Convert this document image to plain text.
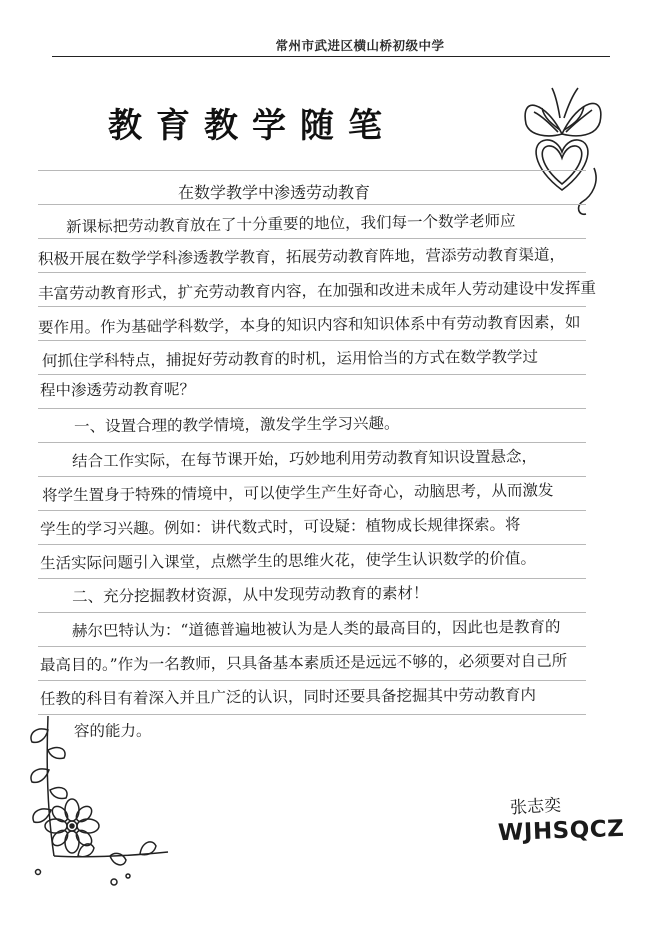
常州市武进区横山桥初级中学
教育教学随笔
在数学教学中渗透劳动教育
新课标把劳动教育放在了十分重要的地位，我们每一个数学老师应
积极开展在数学学科渗透教学教育，拓展劳动教育阵地，营添劳动教育渠道，
丰富劳动教育形式，扩充劳动教育内容，在加强和改进未成年人劳动建设中发挥重
要作用。作为基础学科数学，本身的知识内容和知识体系中有劳动教育因素，如
何抓住学科特点，捕捉好劳动教育的时机，运用恰当的方式在数学教学过
程中渗透劳动教育呢？
一、设置合理的教学情境，激发学生学习兴趣。
结合工作实际，在每节课开始，巧妙地利用劳动教育知识设置悬念，
将学生置身于特殊的情境中，可以使学生产生好奇心，动脑思考，从而激发
学生的学习兴趣。例如：讲代数式时，可设疑：植物成长规律探索。将
生活实际问题引入课堂，点燃学生的思维火花，使学生认识数学的价值。
二、充分挖掘教材资源，从中发现劳动教育的素材！
赫尔巴特认为：“道德普遍地被认为是人类的最高目的，因此也是教育的
最高目的。”作为一名教师，只具备基本素质还是远远不够的，必须要对自己所
任教的科目有着深入并且广泛的认识，同时还要具备挖掘其中劳动教育内
容的能力。
张志奕
WJHSQCZ
